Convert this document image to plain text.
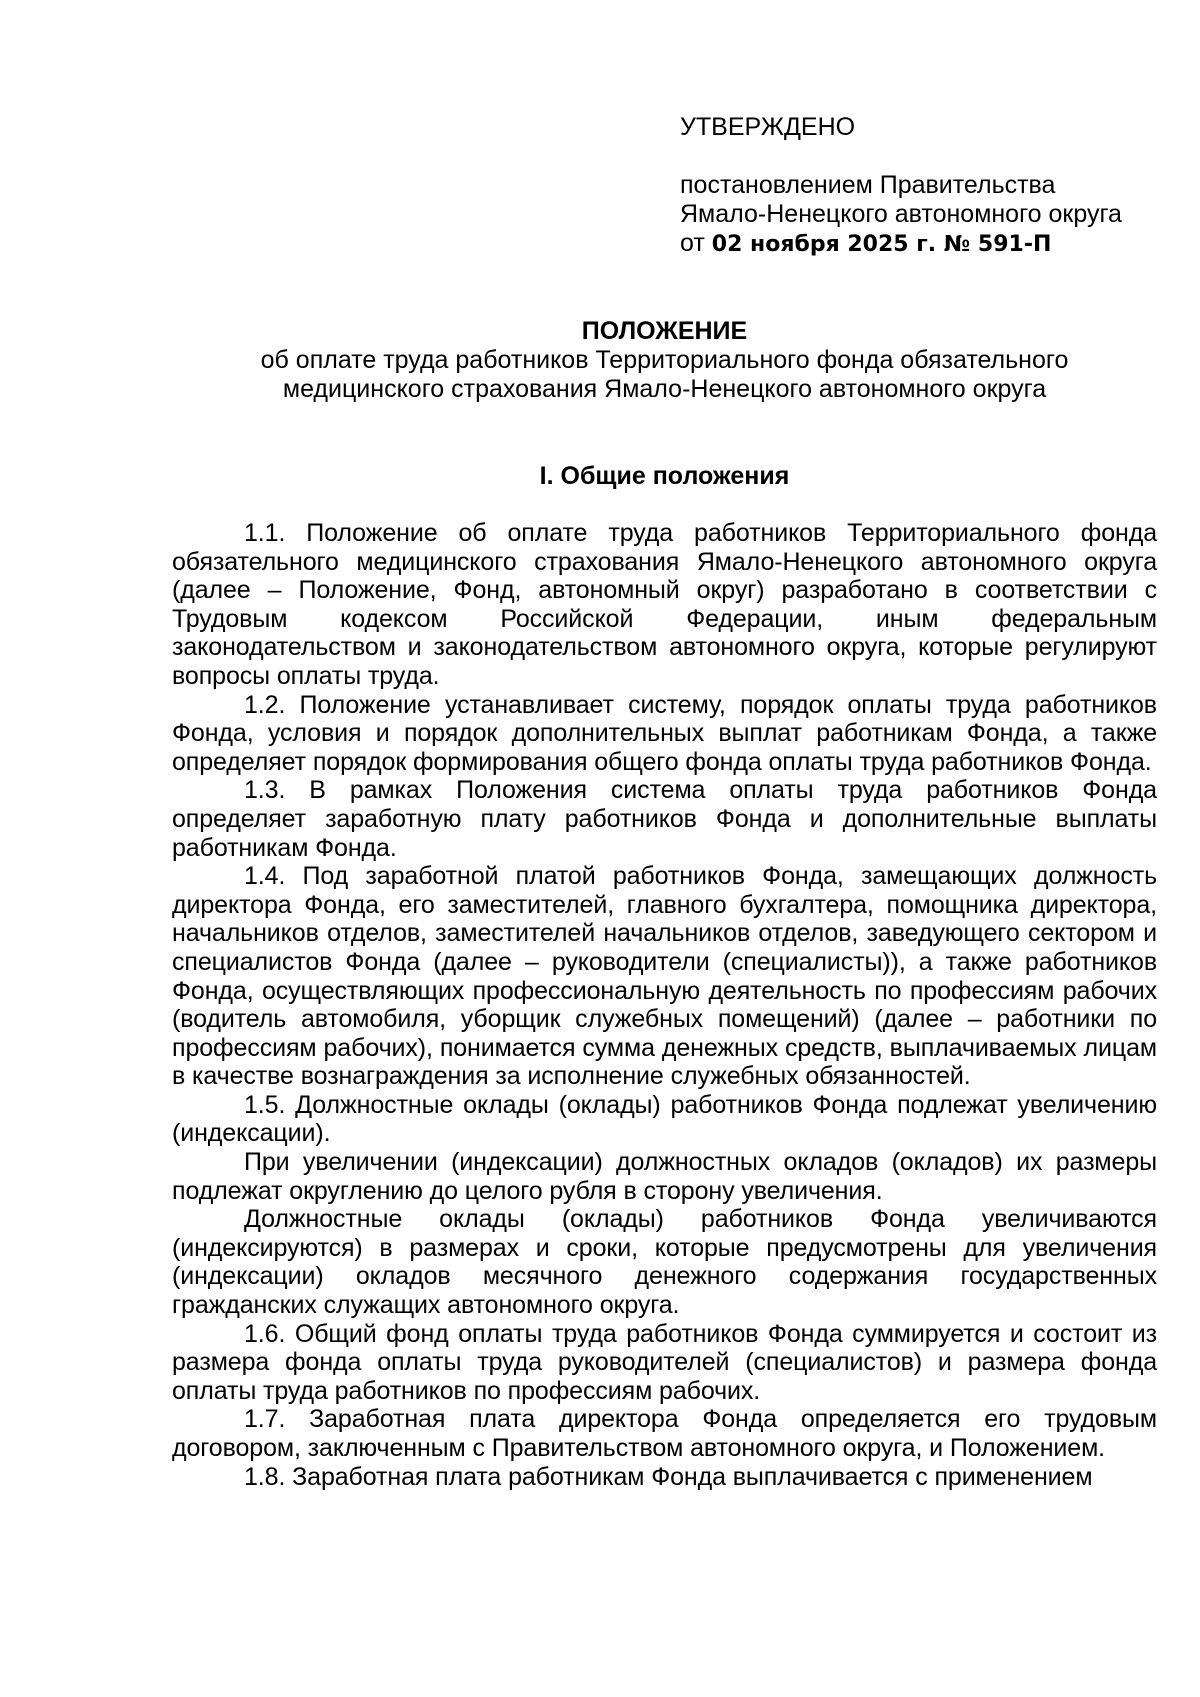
УТВЕРЖДЕНО
постановлением Правительства
Ямало-Ненецкого автономного округа
от 02 ноября 2025 г. № 591-П
ПОЛОЖЕНИЕ
об оплате труда работников Территориального фонда обязательного
медицинского страхования Ямало-Ненецкого автономного округа
I. Общие положения

1.1. Положение об оплате труда работников Территориального фонда обязательного медицинского страхования Ямало-Ненецкого автономного округа (далее – Положение, Фонд, автономный округ) разработано в соответствии с Трудовым кодексом Российской Федерации, иным федеральным законодательством и законодательством автономного округа, которые регулируют вопросы оплаты труда.

1.2. Положение устанавливает систему, порядок оплаты труда работников Фонда, условия и порядок дополнительных выплат работникам Фонда, а также определяет порядок формирования общего фонда оплаты труда работников Фонда.

1.3. В рамках Положения система оплаты труда работников Фонда определяет заработную плату работников Фонда и дополнительные выплаты работникам Фонда.

1.4. Под заработной платой работников Фонда, замещающих должность директора Фонда, его заместителей, главного бухгалтера, помощника директора, начальников отделов, заместителей начальников отделов, заведующего сектором и специалистов Фонда (далее – руководители (специалисты)), а также работников Фонда, осуществляющих профессиональную деятельность по профессиям рабочих (водитель автомобиля, уборщик служебных помещений) (далее – работники по профессиям рабочих), понимается сумма денежных средств, выплачиваемых лицам в качестве вознаграждения за исполнение служебных обязанностей.

1.5. Должностные оклады (оклады) работников Фонда подлежат увеличению (индексации).

При увеличении (индексации) должностных окладов (окладов) их размеры подлежат округлению до целого рубля в сторону увеличения.

Должностные оклады (оклады) работников Фонда увеличиваются (индексируются) в размерах и сроки, которые предусмотрены для увеличения (индексации) окладов месячного денежного содержания государственных гражданских служащих автономного округа.

1.6. Общий фонд оплаты труда работников Фонда суммируется и состоит из размера фонда оплаты труда руководителей (специалистов) и размера фонда оплаты труда работников по профессиям рабочих.

1.7. Заработная плата директора Фонда определяется его трудовым договором, заключенным с Правительством автономного округа, и Положением.

1.8. Заработная плата работникам Фонда выплачивается с применением
